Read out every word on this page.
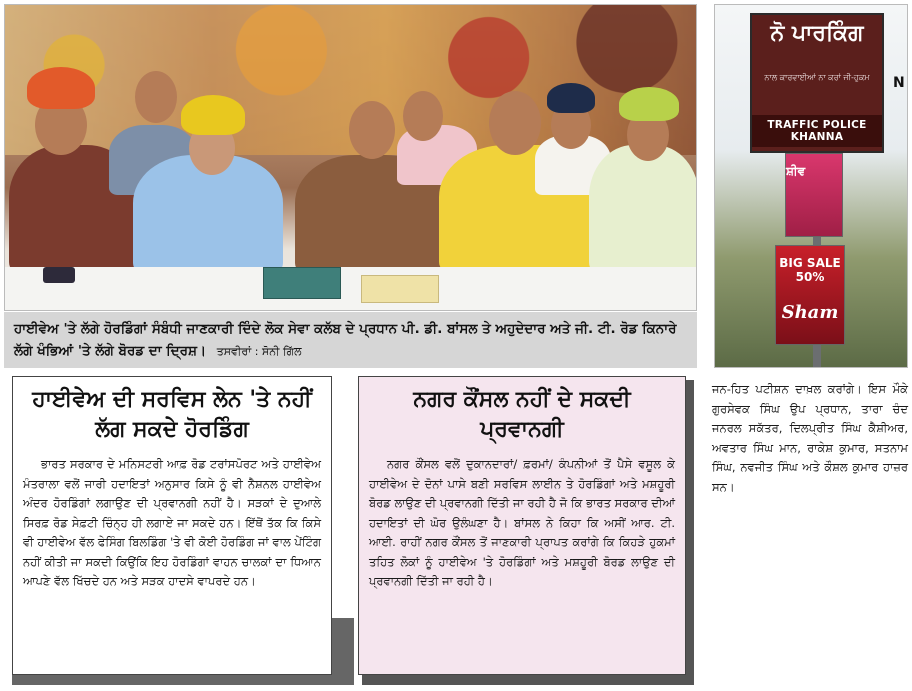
ਹਾਈਵੇਅ 'ਤੇ ਲੱਗੇ ਹੋਰਡਿੰਗਾਂ ਸੰਬੰਧੀ ਜਾਣਕਾਰੀ ਦਿੰਦੇ ਲੋਕ ਸੇਵਾ ਕਲੱਬ ਦੇ ਪ੍ਰਧਾਨ ਪੀ. ਡੀ. ਬਾਂਸਲ ਤੇ ਅਹੁਦੇਦਾਰ ਅਤੇ ਜੀ. ਟੀ. ਰੋਡ ਕਿਨਾਰੇ ਲੱਗੇ ਖੰਭਿਆਂ 'ਤੇ ਲੱਗੇ ਬੋਰਡ ਦਾ ਦ੍ਰਿਸ਼। ਤਸਵੀਰਾਂ : ਸੋਨੀ ਗਿੱਲ
ਨੋ ਪਾਰਕਿੰਗ
ਨਾਲ ਕਾਰਵਾਈਆਂ ਨਾ ਕਰਾਂ ਜੀ-ਹੁਕਮ
TRAFFIC POLICE KHANNA
N
ਸ਼ੀਵ
BIG SALE 50%
Sham
ਹਾਈਵੇਅ ਦੀ ਸਰਵਿਸ ਲੇਨ 'ਤੇ ਨਹੀਂ ਲੱਗ ਸਕਦੇ ਹੋਰਡਿੰਗ
ਭਾਰਤ ਸਰਕਾਰ ਦੇ ਮਨਿਸਟਰੀ ਆਫ਼ ਰੋਡ ਟਰਾਂਸਪੋਰਟ ਅਤੇ ਹਾਈਵੇਅ ਮੰਤਰਾਲਾ ਵਲੋਂ ਜਾਰੀ ਹਦਾਇਤਾਂ ਅਨੁਸਾਰ ਕਿਸੇ ਨੂੰ ਵੀ ਨੈਸ਼ਨਲ ਹਾਈਵੇਅ ਅੰਦਰ ਹੋਰਡਿੰਗਾਂ ਲਗਾਉਣ ਦੀ ਪ੍ਰਵਾਨਗੀ ਨਹੀਂ ਹੈ। ਸੜਕਾਂ ਦੇ ਦੁਆਲੇ ਸਿਰਫ਼ ਰੋਡ ਸੇਫ਼ਟੀ ਚਿੰਨ੍ਹ ਹੀ ਲਗਾਏ ਜਾ ਸਕਦੇ ਹਨ। ਇੱਥੋਂ ਤੱਕ ਕਿ ਕਿਸੇ ਵੀ ਹਾਈਵੇਅ ਵੱਲ ਫੇਸਿੰਗ ਬਿਲਡਿੰਗ 'ਤੇ ਵੀ ਕੋਈ ਹੋਰਡਿੰਗ ਜਾਂ ਵਾਲ ਪੇਂਟਿੰਗ ਨਹੀਂ ਕੀਤੀ ਜਾ ਸਕਦੀ ਕਿਉਂਕਿ ਇਹ ਹੋਰਡਿੰਗਾਂ ਵਾਹਨ ਚਾਲਕਾਂ ਦਾ ਧਿਆਨ ਆਪਣੇ ਵੱਲ ਖਿੱਚਦੇ ਹਨ ਅਤੇ ਸੜਕ ਹਾਦਸੇ ਵਾਪਰਦੇ ਹਨ।
ਨਗਰ ਕੌਂਸਲ ਨਹੀਂ ਦੇ ਸਕਦੀ ਪ੍ਰਵਾਨਗੀ
ਨਗਰ ਕੌਂਸਲ ਵਲੋਂ ਦੁਕਾਨਦਾਰਾਂ/ ਫ਼ਰਮਾਂ/ ਕੰਪਨੀਆਂ ਤੋਂ ਪੈਸੇ ਵਸੂਲ ਕੇ ਹਾਈਵੇਅ ਦੇ ਦੋਨਾਂ ਪਾਸੇ ਬਣੀ ਸਰਵਿਸ ਲਾਈਨ ਤੇ ਹੋਰਡਿੰਗਾਂ ਅਤੇ ਮਸ਼ਹੂਰੀ ਬੋਰਡ ਲਾਉਣ ਦੀ ਪ੍ਰਵਾਨਗੀ ਦਿੱਤੀ ਜਾ ਰਹੀ ਹੈ ਜੋ ਕਿ ਭਾਰਤ ਸਰਕਾਰ ਦੀਆਂ ਹਦਾਇਤਾਂ ਦੀ ਘੋਰ ਉਲੰਘਣਾ ਹੈ। ਬਾਂਸਲ ਨੇ ਕਿਹਾ ਕਿ ਅਸੀਂ ਆਰ. ਟੀ. ਆਈ. ਰਾਹੀਂ ਨਗਰ ਕੌਂਸਲ ਤੋਂ ਜਾਣਕਾਰੀ ਪ੍ਰਾਪਤ ਕਰਾਂਗੇ ਕਿ ਕਿਹੜੇ ਹੁਕਮਾਂ ਤਹਿਤ ਲੋਕਾਂ ਨੂੰ ਹਾਈਵੇਅ 'ਤੇ ਹੋਰਡਿੰਗਾਂ ਅਤੇ ਮਸ਼ਹੂਰੀ ਬੋਰਡ ਲਾਉਣ ਦੀ ਪ੍ਰਵਾਨਗੀ ਦਿੱਤੀ ਜਾ ਰਹੀ ਹੈ।
ਜਨ-ਹਿਤ ਪਟੀਸ਼ਨ ਦਾਖ਼ਲ ਕਰਾਂਗੇ। ਇਸ ਮੌਕੇ ਗੁਰਸੇਵਕ ਸਿੰਘ ਉਪ ਪ੍ਰਧਾਨ, ਤਾਰਾ ਚੰਦ ਜਨਰਲ ਸਕੱਤਰ, ਦਿਲਪ੍ਰੀਤ ਸਿੰਘ ਕੈਸ਼ੀਅਰ, ਅਵਤਾਰ ਸਿੰਘ ਮਾਨ, ਰਾਕੇਸ਼ ਕੁਮਾਰ, ਸਤਨਾਮ ਸਿੰਘ, ਨਵਜੀਤ ਸਿੰਘ ਅਤੇ ਕੌਸ਼ਲ ਕੁਮਾਰ ਹਾਜ਼ਰ ਸਨ।
